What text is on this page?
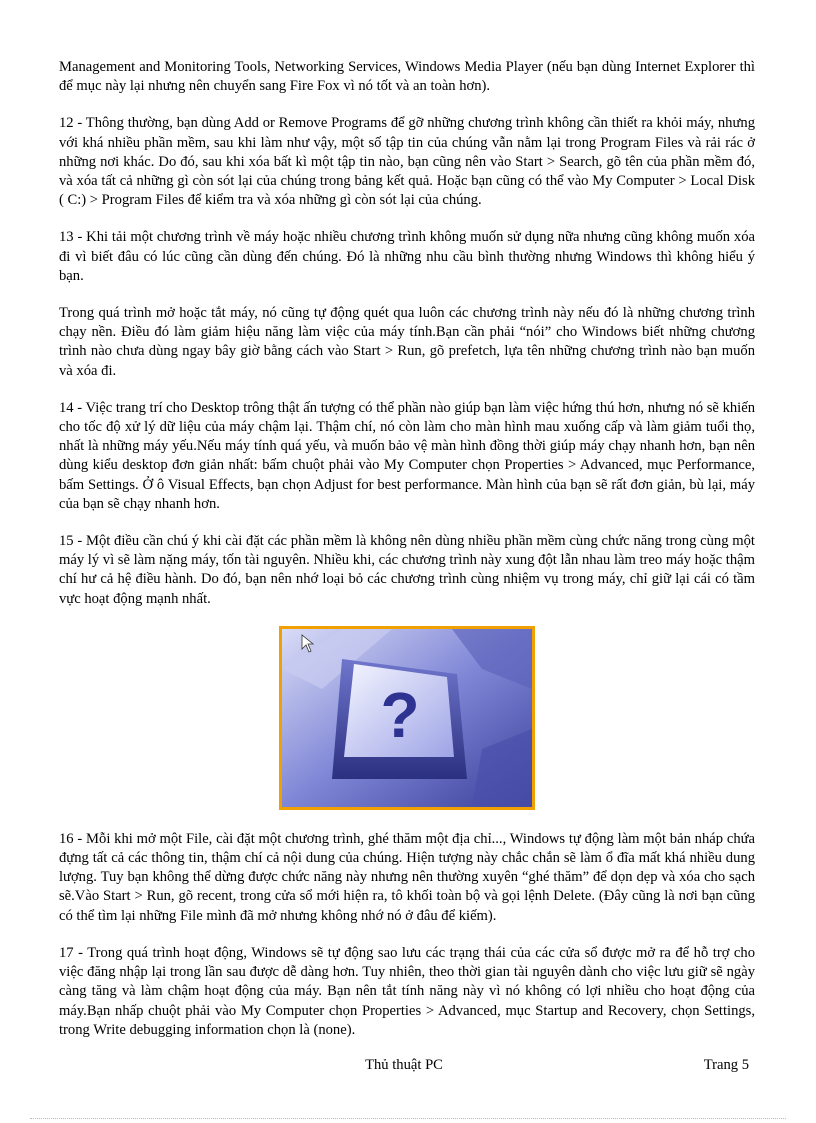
Management and Monitoring Tools, Networking Services, Windows Media Player (nếu bạn dùng Internet Explorer thì để mục này lại nhưng nên chuyển sang Fire Fox vì nó tốt và an toàn hơn).

12 - Thông thường, bạn dùng Add or Remove Programs để gỡ những chương trình không cần thiết ra khỏi máy, nhưng với khá nhiều phần mềm, sau khi làm như vậy, một số tập tin của chúng vẫn nằm lại trong Program Files và rải rác ở những nơi khác. Do đó, sau khi xóa bất kì một tập tin nào, bạn cũng nên vào Start > Search, gõ tên của phần mềm đó, và xóa tất cả những gì còn sót lại của chúng trong bảng kết quả. Hoặc bạn cũng có thể vào My Computer > Local Disk ( C:) > Program Files để kiểm tra và xóa những gì còn sót lại của chúng.

13 - Khi tải một chương trình về máy hoặc nhiều chương trình không muốn sử dụng nữa nhưng cũng không muốn xóa đi vì biết đâu có lúc cũng cần dùng đến chúng. Đó là những nhu cầu bình thường nhưng Windows thì không hiểu ý bạn.

Trong quá trình mở hoặc tắt máy, nó cũng tự động quét qua luôn các chương trình này nếu đó là những chương trình chạy nền. Điều đó làm giảm hiệu năng làm việc của máy tính.Bạn cần phải “nói” cho Windows biết những chương trình nào chưa dùng ngay bây giờ bằng cách vào Start > Run, gõ prefetch, lựa tên những chương trình nào bạn muốn và xóa đi.

14 - Việc trang trí cho Desktop trông thật ấn tượng có thể phần nào giúp bạn làm việc hứng thú hơn, nhưng nó sẽ khiến cho tốc độ xử lý dữ liệu của máy chậm lại. Thậm chí, nó còn làm cho màn hình mau xuống cấp và làm giảm tuổi thọ, nhất là những máy yếu.Nếu máy tính quá yếu, và muốn bảo vệ màn hình đồng thời giúp máy chạy nhanh hơn, bạn nên dùng kiểu desktop đơn giản nhất: bấm chuột phải vào My Computer chọn Properties > Advanced, mục Performance, bấm Settings. Ở ô Visual Effects, bạn chọn Adjust for best performance. Màn hình của bạn sẽ rất đơn giản, bù lại, máy của bạn sẽ chạy nhanh hơn.

15 - Một điều cần chú ý khi cài đặt các phần mềm là không nên dùng nhiều phần mềm cùng chức năng trong cùng một máy lý vì sẽ làm nặng máy, tốn tài nguyên. Nhiều khi, các chương trình này xung đột lẫn nhau làm treo máy hoặc thậm chí hư cả hệ điều hành. Do đó, bạn nên nhớ loại bỏ các chương trình cùng nhiệm vụ trong máy, chỉ giữ lại cái có tầm vực hoạt động mạnh nhất.

?

16 - Mỗi khi mở một File, cài đặt một chương trình, ghé thăm một địa chỉ..., Windows tự động làm một bản nháp chứa đựng tất cả các thông tin, thậm chí cả nội dung của chúng. Hiện tượng này chắc chắn sẽ làm ổ đĩa mất khá nhiều dung lượng. Tuy bạn không thể dừng được chức năng này nhưng nên thường xuyên “ghé thăm” để dọn dẹp và xóa cho sạch sẽ.Vào Start > Run, gõ recent, trong cửa sổ mới hiện ra, tô khối toàn bộ và gọi lệnh Delete. (Đây cũng là nơi bạn cũng có thể tìm lại những File mình đã mở nhưng không nhớ nó ở đâu để kiếm).

17 - Trong quá trình hoạt động, Windows sẽ tự động sao lưu các trạng thái của các cửa sổ được mở ra để hỗ trợ cho việc đăng nhập lại trong lần sau được dễ dàng hơn. Tuy nhiên, theo thời gian tài nguyên dành cho việc lưu giữ sẽ ngày càng tăng và làm chậm hoạt động của máy. Bạn nên tắt tính năng này vì nó không có lợi nhiều cho hoạt động của máy.Bạn nhấp chuột phải vào My Computer chọn Properties > Advanced, mục Startup and Recovery, chọn Settings, trong Write debugging information chọn là (none).

Thủ thuật PC	Trang 5
